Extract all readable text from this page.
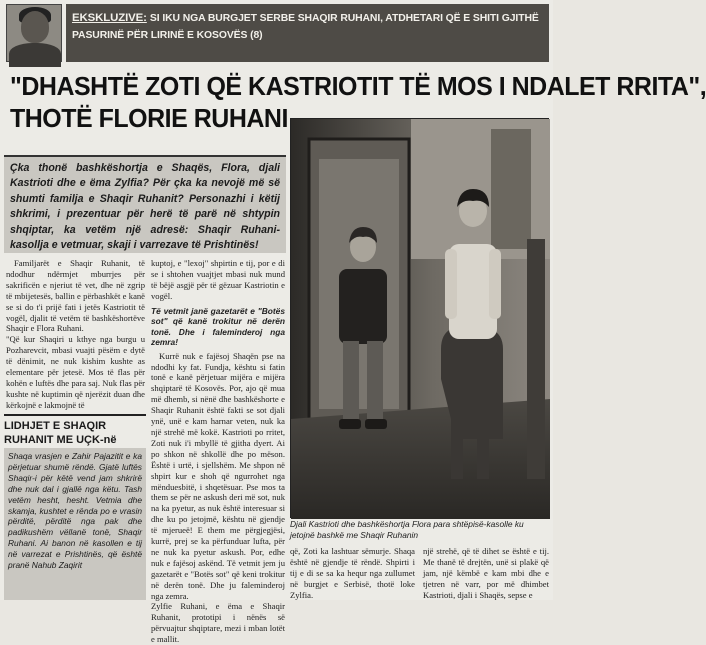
EKSKLUZIVE: SI IKU NGA BURGJET SERBE SHAQIR RUHANI, ATDHETARI QË E SHITI GJITHË PASURINË PËR LIRINË E KOSOVËS (8)
"DHASHTË ZOTI QË KASTRIOTIT TË MOS I NDALET RRITA",
THOTË FLORIE RUHANI
Çka thonë bashkëshortja e Shaqës, Flora, djali Kastrioti dhe e ëma Zylfia? Për çka ka nevojë më së shumti familja e Shaqir Ruhanit? Personazhi i këtij shkrimi, i prezentuar për herë të parë në shtypin shqiptar, ka vetëm një adresë: Shaqir Ruhani- kasollja e vetmuar, skaji i varrezave të Prishtinës!

Familjarët e Shaqir Ruhanit, të ndodhur ndërmjet mburrjes për sakrificën e njeriut të vet, dhe në zgrip të mbijetesës, ballin e përbashkët e kanë se si do t'i prijë fati i jetës Kastriotit të vogël, djalit të vetëm të bashkëshortëve Shaqir e Flora Ruhani.
"Që kur Shaqiri u kthye nga burgu u Pozharevcit, mbasi vuajti pësëm e dytë të dënimit, ne nuk kishim kushte as elementare për jetesë. Mos të flas për kohën e luftës dhe para saj. Nuk flas për kushte në kuptimin që njerëzit duan dhe kërkojnë e lakmojnë të

LIDHJET E SHAQIR RUHANIT ME UÇK-në

Shaqa vrasjen e Zahir Pajazitit e ka përjetuar shumë rëndë. Gjatë luftës Shaqir-i për këtë vend jam shkrirë dhe nuk dal i gjallë nga këtu. Tash vetëm hesht, hesht. Vetmia dhe skamja, kushtet e rënda po e vrasin përditë, përditë nga pak dhe padikushëm vëllanë tonë, Shaqir Ruhani. Ai banon në kasollen e tij në varrezat e Prishtinës, që është pranë Nahub Zaqirit

kuptoj, e "lexoj" shpirtin e tij, por e di se i shtohen vuajtjet mbasi nuk mund të bëjë asgjë për të gëzuar Kastriotin e vogël.

Të vetmit janë gazetarët e "Botës sot" që kanë trokitur në derën tonë. Dhe i faleminderoj nga zemra!

Kurrë nuk e fajësoj Shaqën pse na ndodhi ky fat. Fundja, kështu si fatin tonë e kanë përjetuar mijëra e mijëra shqiptarë të Kosovës. Por, ajo që mua më dhemb, si nënë dhe bashkëshorte e Shaqir Ruhanit është fakti se sot djali ynë, unë e kam harnar veten, nuk ka një strehë më kokë. Kastrioti po rritet, Zoti nuk i'i mbyllë të gjitha dyert. Ai po shkon në shkollë dhe po mëson. Është i urtë, i sjellshëm. Me shpon në shpirt kur e shoh që ngurrohet nga mënduesbitë, i shqetësuar. Pse mos ta them se për ne askush deri më sot, nuk na ka pyetur, as nuk është interesuar si dhe ku po jetojmë, kështu në gjendje të mjerueë! E them me përgjegjësi, kurrë, prej se ka përfunduar lufta, për ne nuk ka pyetur askush. Por, edhe nuk e fajësoj askënd. Të vetmit jem ju gazetarët e "Botës sot" që keni trokitur në derën tonë. Dhe ju faleminderoj nga zemra.
Zylfie Ruhani, e ëma e Shaqir Ruhanit, prototipi i nënës së përvuajtur shqiptare, mezi i mban lotët e mallit.

Djali Kastrioti dhe bashkëshortja Flora para shtëpisë-kasolle ku jetojnë bashkë me Shaqir Ruhanin

që, Zoti ka lashtuar sëmurje. Shaqa është në gjendje të rëndë. Shpirti i tij e di se sa ka hequr nga zullumet në burgjet e Serbisë, thotë loke Zylfia.

një strehë, që të dihet se është e tij. Me thanë të drejtën, unë si plakë që jam, një këmbë e kam mbi dhe e tjetren në varr, por më dhimbet Kastrioti, djali i Shaqës, sepse e
